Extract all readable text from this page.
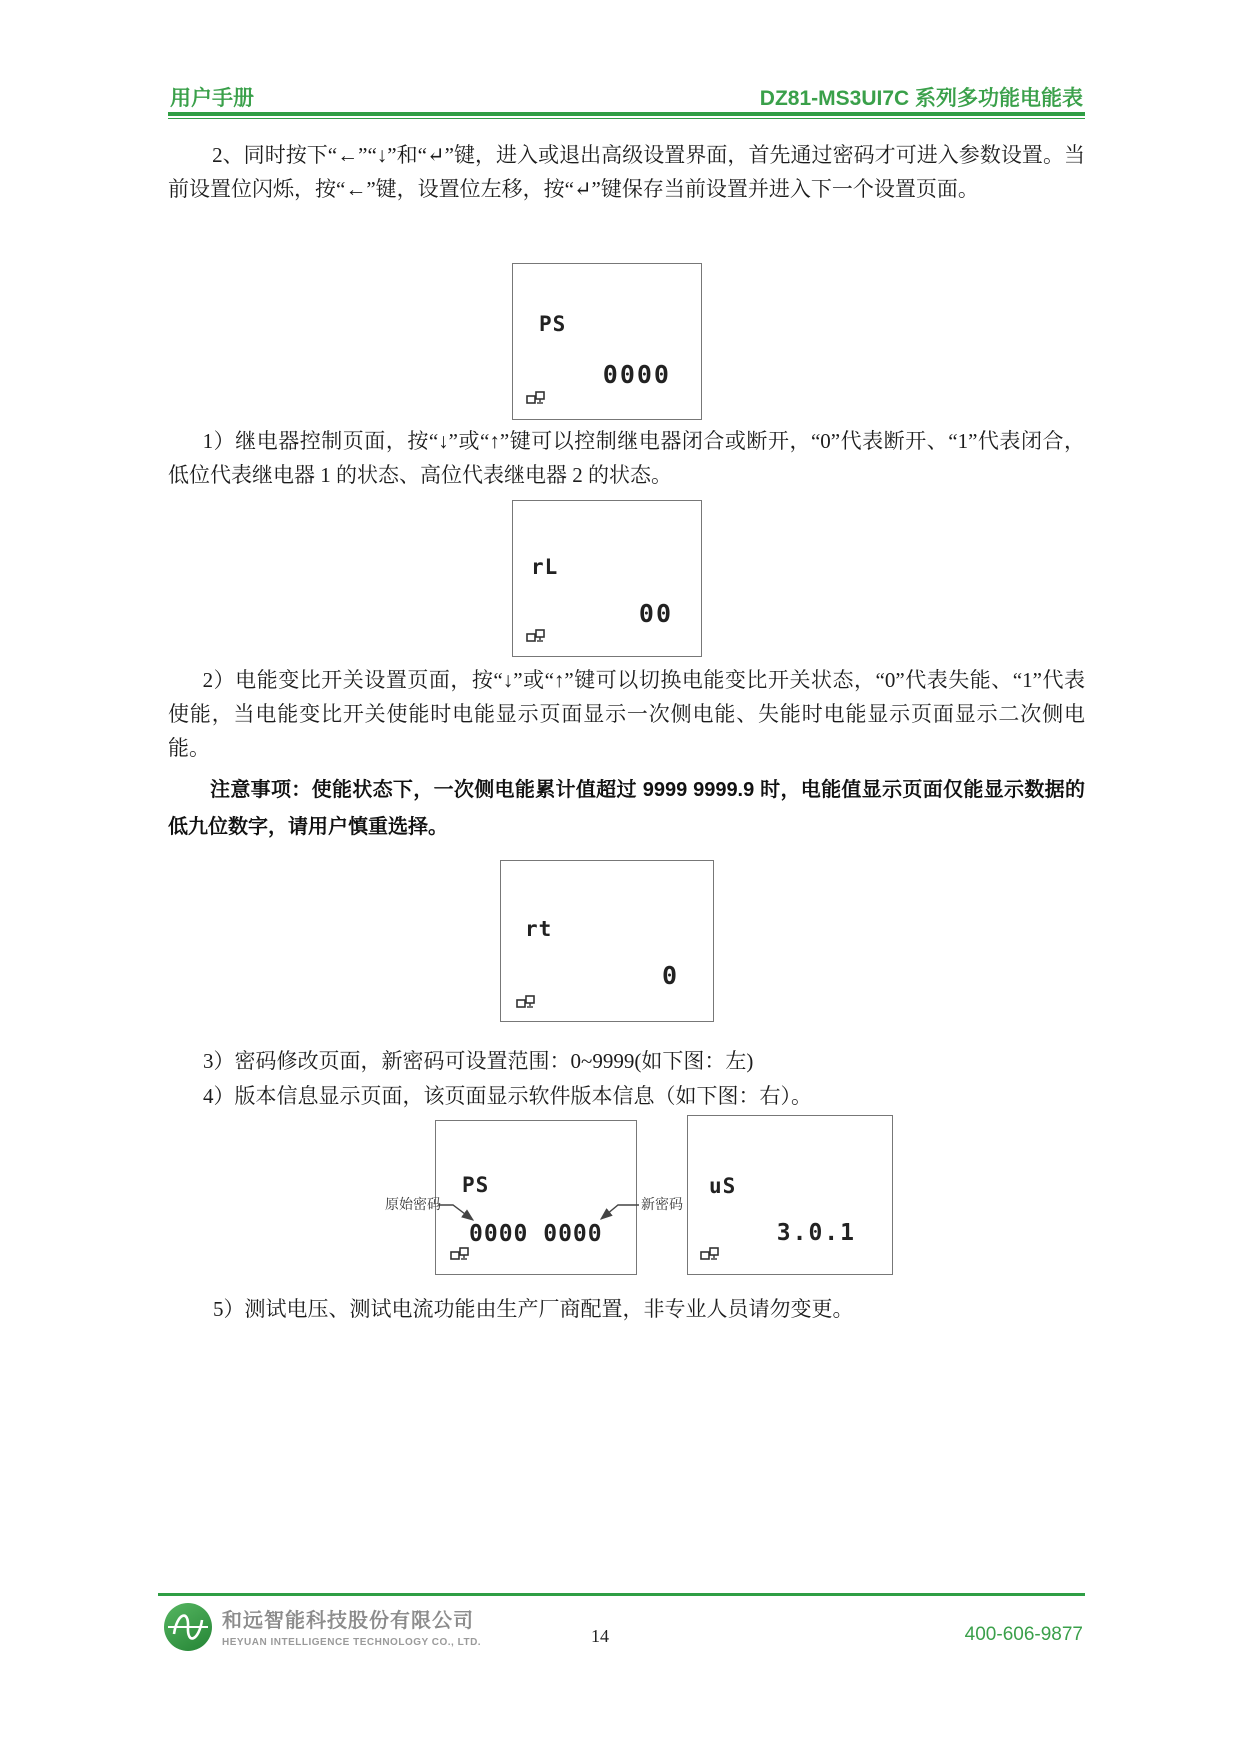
用户手册	DZ81-MS3UI7C 系列多功能电能表

2、同时按下“←”“↓”和“↵”键，进入或退出高级设置界面，首先通过密码才可进入参数设置。当前设置位闪烁，按“←”键，设置位左移，按“↵”键保存当前设置并进入下一个设置页面。

PS
0000

1）继电器控制页面，按“↓”或“↑”键可以控制继电器闭合或断开，“0”代表断开、“1”代表闭合，低位代表继电器 1 的状态、高位代表继电器 2 的状态。

rL
00

2）电能变比开关设置页面，按“↓”或“↑”键可以切换电能变比开关状态，“0”代表失能、“1”代表使能，当电能变比开关使能时电能显示页面显示一次侧电能、失能时电能显示页面显示二次侧电能。

注意事项：使能状态下，一次侧电能累计值超过 9999 9999.9 时，电能值显示页面仅能显示数据的低九位数字，请用户慎重选择。

rt
0

3）密码修改页面，新密码可设置范围：0~9999(如下图：左)

4）版本信息显示页面，该页面显示软件版本信息（如下图：右）。

PS
0000 0000
uS
3.0.1
原始密码	新密码

5）测试电压、测试电流功能由生产厂商配置，非专业人员请勿变更。

和远智能科技股份有限公司
HEYUAN INTELLIGENCE TECHNOLOGY CO., LTD.	14	400-606-9877
